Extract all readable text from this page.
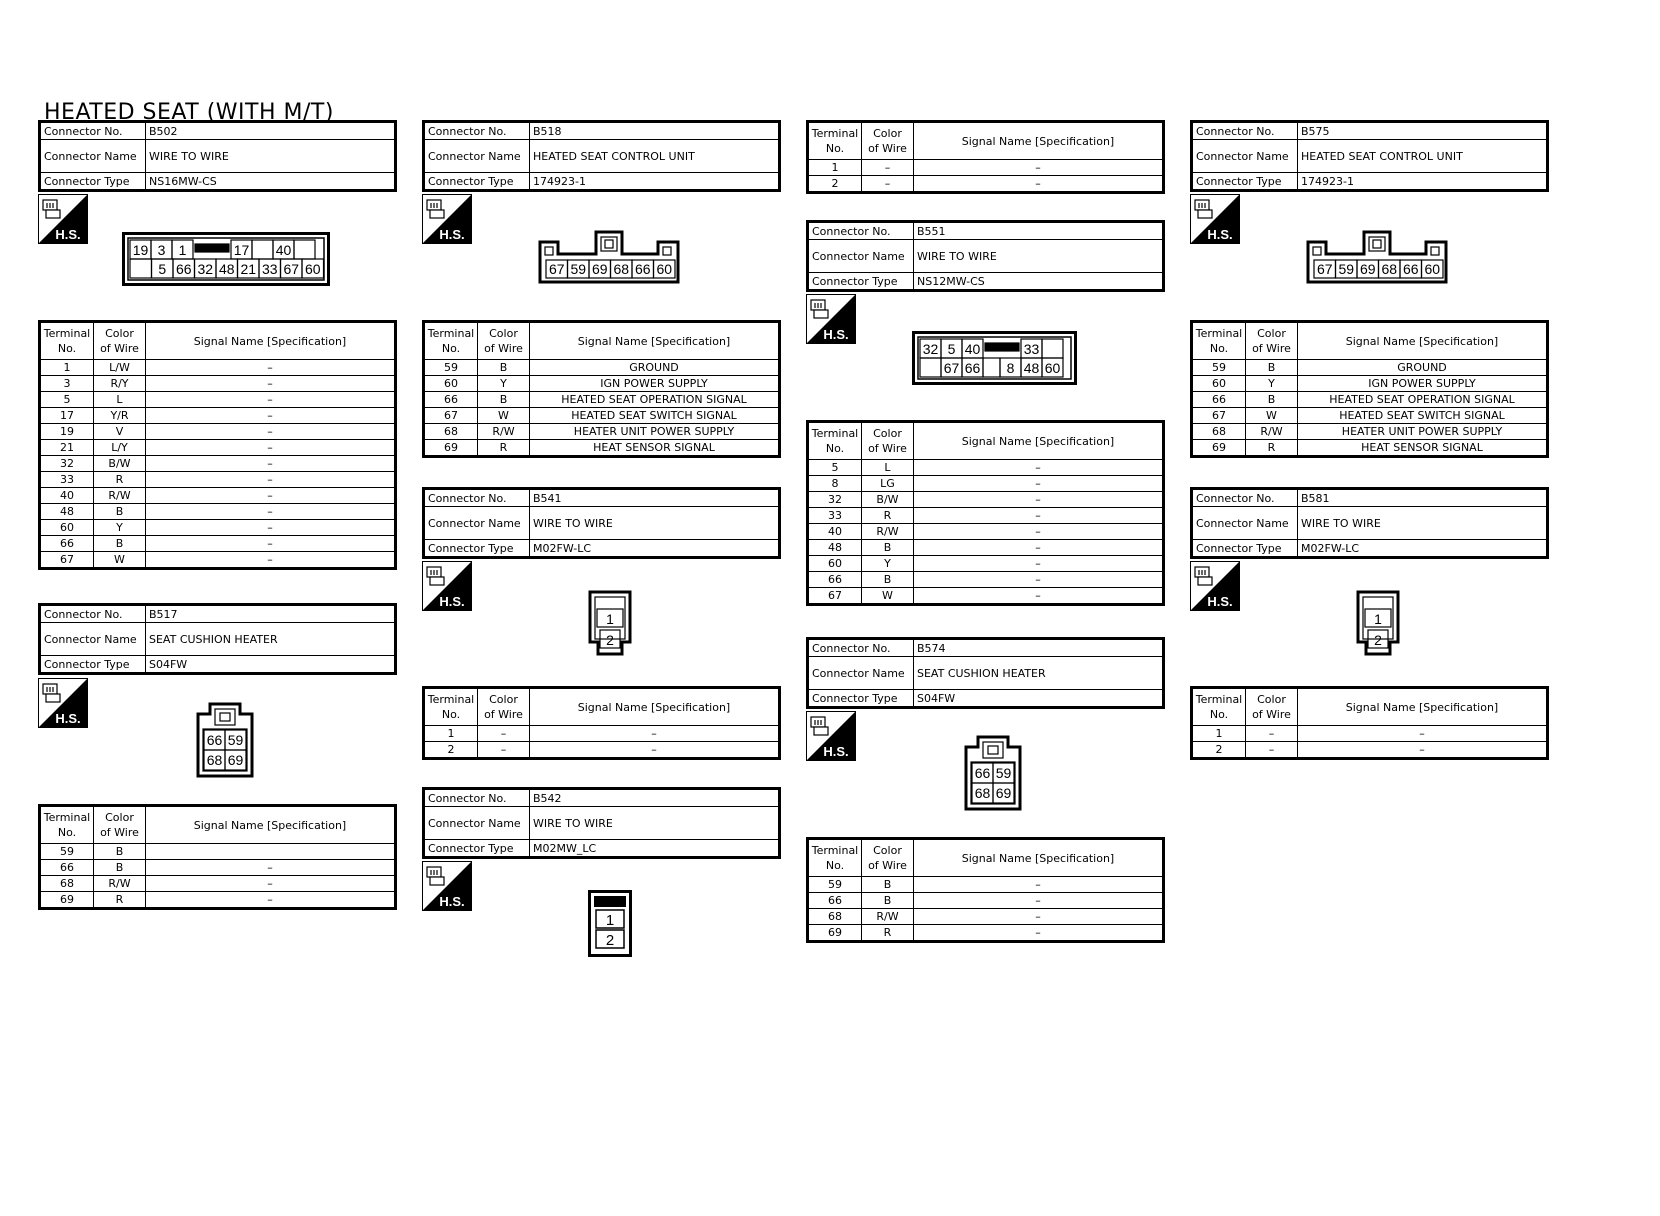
HEATED SEAT (WITH M/T)
Connector No.	B502
Connector Name	WIRE TO WIRE
Connector Type	NS16MW-CS
H.S.
19 3 1	17 40
5 66 32 48 21 33 67 60
Terminal
No.	Color
of Wire	Signal Name [Specification]
1	L/W	–
3	R/Y	–
5	L	–
17	Y/R	–
19	V	–
21	L/Y	–
32	B/W	–
33	R	–
40	R/W	–
48	B	–
60	Y	–
66	B	–
67	W	–
Connector No.	B517
Connector Name	SEAT CUSHION HEATER
Connector Type	S04FW
H.S.
66 59
68 69
Terminal
No.	Color
of Wire	Signal Name [Specification]
59	B	
66	B	–
68	R/W	–
69	R	–
Connector No.	B518
Connector Name	HEATED SEAT CONTROL UNIT
Connector Type	174923-1
H.S.
67 59 69 68 66 60
Terminal
No.	Color
of Wire	Signal Name [Specification]
59	B	GROUND
60	Y	IGN POWER SUPPLY
66	B	HEATED SEAT OPERATION SIGNAL
67	W	HEATED SEAT SWITCH SIGNAL
68	R/W	HEATER UNIT POWER SUPPLY
69	R	HEAT SENSOR SIGNAL
Connector No.	B541
Connector Name	WIRE TO WIRE
Connector Type	M02FW-LC
H.S.
1
2
Terminal
No.	Color
of Wire	Signal Name [Specification]
1	–	–
2	–	–
Connector No.	B542
Connector Name	WIRE TO WIRE
Connector Type	M02MW_LC
H.S.
1
2
Terminal
No.	Color
of Wire	Signal Name [Specification]
1	–	–
2	–	–
Connector No.	B551
Connector Name	WIRE TO WIRE
Connector Type	NS12MW-CS
H.S.
32 5 40	33
67 66 8 48 60
Terminal
No.	Color
of Wire	Signal Name [Specification]
5	L	–
8	LG	–
32	B/W	–
33	R	–
40	R/W	–
48	B	–
60	Y	–
66	B	–
67	W	–
Connector No.	B574
Connector Name	SEAT CUSHION HEATER
Connector Type	S04FW
H.S.
66 59
68 69
Terminal
No.	Color
of Wire	Signal Name [Specification]
59	B	–
66	B	–
68	R/W	–
69	R	–
Connector No.	B575
Connector Name	HEATED SEAT CONTROL UNIT
Connector Type	174923-1
H.S.
67 59 69 68 66 60
Terminal
No.	Color
of Wire	Signal Name [Specification]
59	B	GROUND
60	Y	IGN POWER SUPPLY
66	B	HEATED SEAT OPERATION SIGNAL
67	W	HEATED SEAT SWITCH SIGNAL
68	R/W	HEATER UNIT POWER SUPPLY
69	R	HEAT SENSOR SIGNAL
Connector No.	B581
Connector Name	WIRE TO WIRE
Connector Type	M02FW-LC
H.S.
1
2
Terminal
No.	Color
of Wire	Signal Name [Specification]
1	–	–
2	–	–
